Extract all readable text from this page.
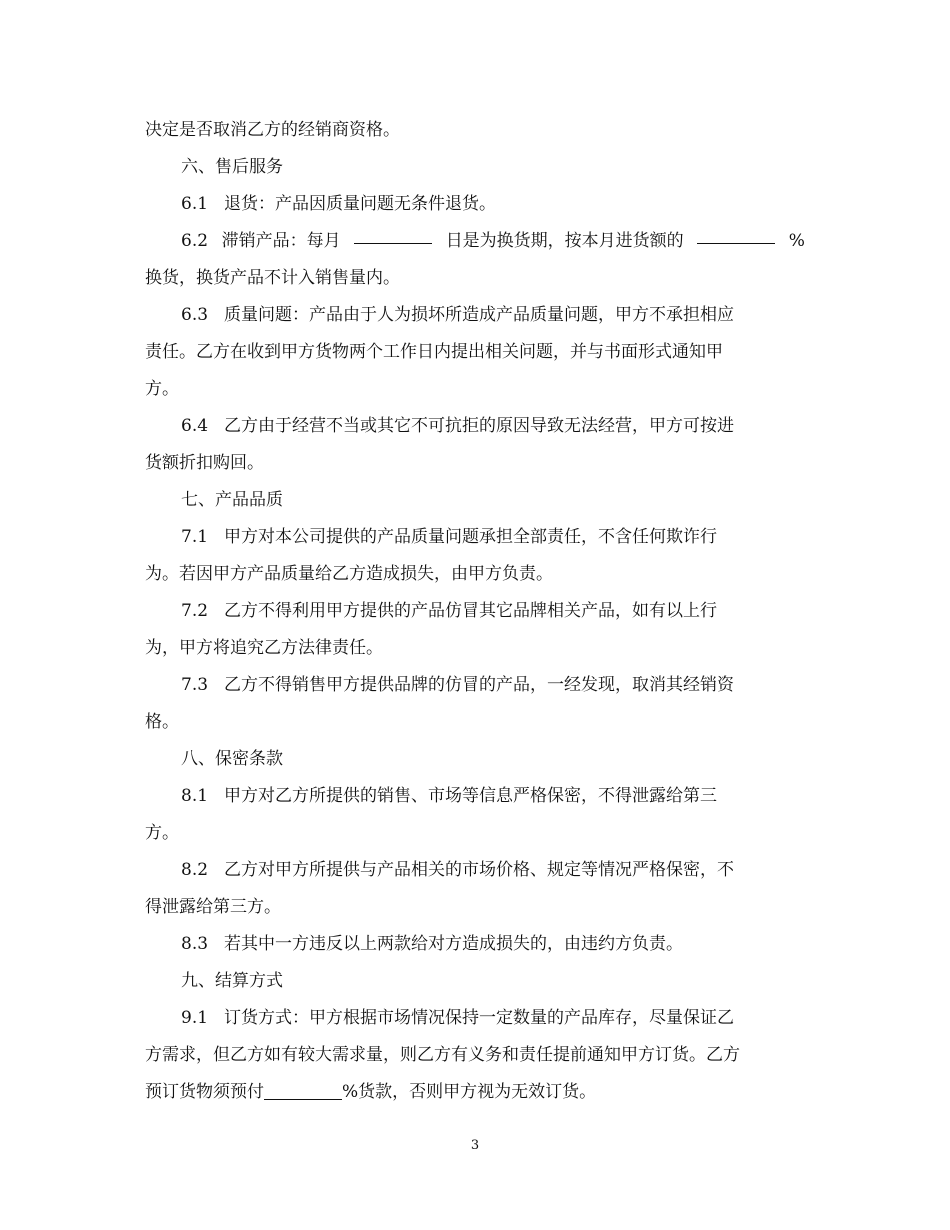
决定是否取消乙方的经销商资格。
六、售后服务
6.1 退货：产品因质量问题无条件退货。
6.2 滞销产品：每月	日是为换货期，按本月进货额的	%
换货，换货产品不计入销售量内。
6.3 质量问题：产品由于人为损坏所造成产品质量问题，甲方不承担相应
责任。乙方在收到甲方货物两个工作日内提出相关问题，并与书面形式通知甲
方。
6.4 乙方由于经营不当或其它不可抗拒的原因导致无法经营，甲方可按进
货额折扣购回。
七、产品品质
7.1 甲方对本公司提供的产品质量问题承担全部责任，不含任何欺诈行
为。若因甲方产品质量给乙方造成损失，由甲方负责。
7.2 乙方不得利用甲方提供的产品仿冒其它品牌相关产品，如有以上行
为，甲方将追究乙方法律责任。
7.3 乙方不得销售甲方提供品牌的仿冒的产品，一经发现，取消其经销资
格。
八、保密条款
8.1 甲方对乙方所提供的销售、市场等信息严格保密，不得泄露给第三
方。
8.2 乙方对甲方所提供与产品相关的市场价格、规定等情况严格保密，不
得泄露给第三方。
8.3 若其中一方违反以上两款给对方造成损失的，由违约方负责。
九、结算方式
9.1 订货方式：甲方根据市场情况保持一定数量的产品库存，尽量保证乙
方需求，但乙方如有较大需求量，则乙方有义务和责任提前通知甲方订货。乙方
预订货物须预付	%货款，否则甲方视为无效订货。
3
